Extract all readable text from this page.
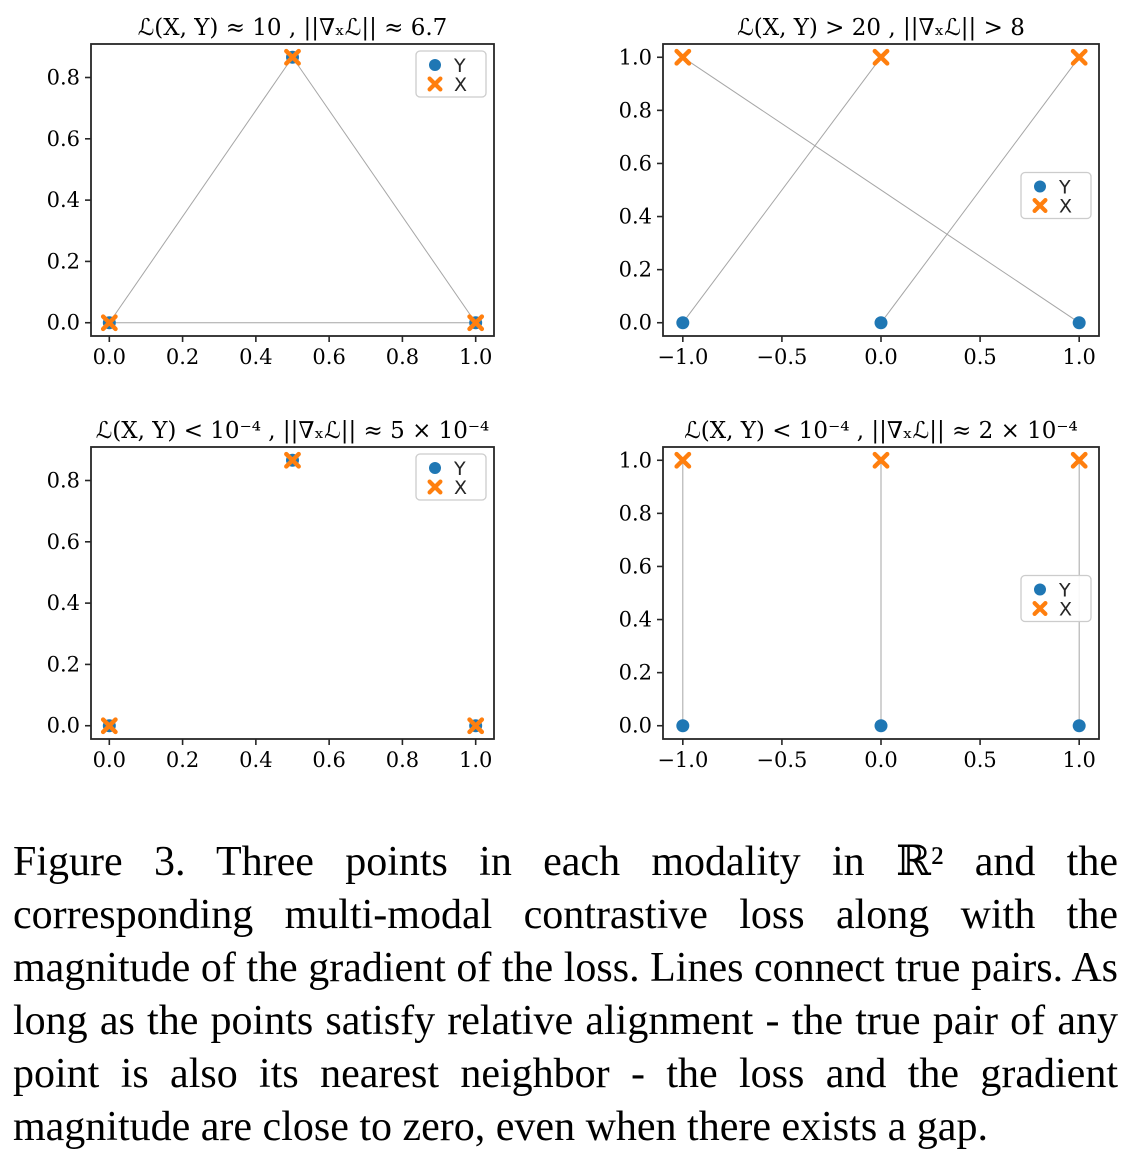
ℒ(X, Y) ≈ 10 , ||∇ₓℒ|| ≈ 6.7
0.0 0.2 0.4 0.6 0.8 1.0
0.0
0.2
0.4
0.6
0.8	Y
X
ℒ(X, Y) > 20 , ||∇ₓℒ|| > 8
−1.0 −0.5	0.0	0.5	1.0
0.0
0.2
0.4
0.6
0.8
1.0
Y
X
ℒ(X, Y) < 10⁻⁴ , ||∇ₓℒ|| ≈ 5 × 10⁻⁴
0.0 0.2 0.4 0.6 0.8 1.0
0.0
0.2
0.4
0.6
0.8	Y
X
ℒ(X, Y) < 10⁻⁴ , ||∇ₓℒ|| ≈ 2 × 10⁻⁴
−1.0 −0.5	0.0	0.5	1.0
0.0
0.2
0.4
0.6
0.8
1.0
Y
X

Figure 3. Three points in each modality in ℝ² and the corresponding multi-modal contrastive loss along with the magnitude of the gradient of the loss. Lines connect true pairs. As long as the points satisfy relative alignment - the true pair of any point is also its nearest neighbor - the loss and the gradient magnitude are close to zero, even when there exists a gap.
